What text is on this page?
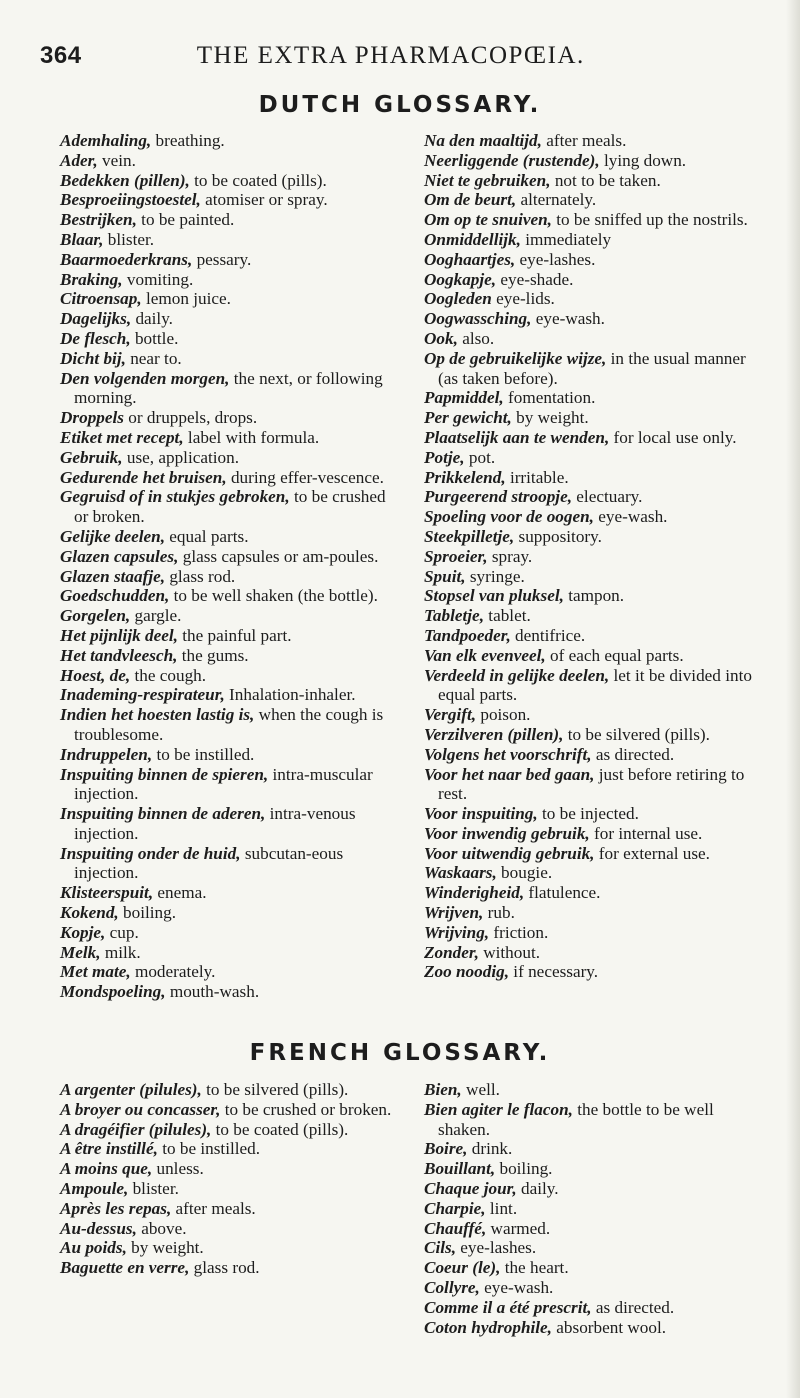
364	THE EXTRA PHARMACOPŒIA.
DUTCH GLOSSARY.
Ademhaling, breathing.
Ader, vein.
Bedekken (pillen), to be coated (pills).
Besproeiingstoestel, atomiser or spray.
Bestrijken, to be painted.
Blaar, blister.
Baarmoederkrans, pessary.
Braking, vomiting.
Citroensap, lemon juice.
Dagelijks, daily.
De flesch, bottle.
Dicht bij, near to.
Den volgenden morgen, the next, or following morning.
Droppels or druppels, drops.
Etiket met recept, label with formula.
Gebruik, use, application.
Gedurende het bruisen, during effer-vescence.
Gegruisd of in stukjes gebroken, to be crushed or broken.
Gelijke deelen, equal parts.
Glazen capsules, glass capsules or am-poules.
Glazen staafje, glass rod.
Goedschudden, to be well shaken (the bottle).
Gorgelen, gargle.
Het pijnlijk deel, the painful part.
Het tandvleesch, the gums.
Hoest, de, the cough.
Inademing-respirateur, Inhalation-inhaler.
Indien het hoesten lastig is, when the cough is troublesome.
Indruppelen, to be instilled.
Inspuiting binnen de spieren, intra-muscular injection.
Inspuiting binnen de aderen, intra-venous injection.
Inspuiting onder de huid, subcutan-eous injection.
Klisteerspuit, enema.
Kokend, boiling.
Kopje, cup.
Melk, milk.
Met mate, moderately.
Mondspoeling, mouth-wash.
Na den maaltijd, after meals.
Neerliggende (rustende), lying down.
Niet te gebruiken, not to be taken.
Om de beurt, alternately.
Om op te snuiven, to be sniffed up the nostrils.
Onmiddellijk, immediately
Ooghaartjes, eye-lashes.
Oogkapje, eye-shade.
Oogleden eye-lids.
Oogwassching, eye-wash.
Ook, also.
Op de gebruikelijke wijze, in the usual manner (as taken before).
Papmiddel, fomentation.
Per gewicht, by weight.
Plaatselijk aan te wenden, for local use only.
Potje, pot.
Prikkelend, irritable.
Purgeerend stroopje, electuary.
Spoeling voor de oogen, eye-wash.
Steekpilletje, suppository.
Sproeier, spray.
Spuit, syringe.
Stopsel van pluksel, tampon.
Tabletje, tablet.
Tandpoeder, dentifrice.
Van elk evenveel, of each equal parts.
Verdeeld in gelijke deelen, let it be divided into equal parts.
Vergift, poison.
Verzilveren (pillen), to be silvered (pills).
Volgens het voorschrift, as directed.
Voor het naar bed gaan, just before retiring to rest.
Voor inspuiting, to be injected.
Voor inwendig gebruik, for internal use.
Voor uitwendig gebruik, for external use.
Waskaars, bougie.
Winderigheid, flatulence.
Wrijven, rub.
Wrijving, friction.
Zonder, without.
Zoo noodig, if necessary.
FRENCH GLOSSARY.
A argenter (pilules), to be silvered (pills).
A broyer ou concasser, to be crushed or broken.
A dragéifier (pilules), to be coated (pills).
A être instillé, to be instilled.
A moins que, unless.
Ampoule, blister.
Après les repas, after meals.
Au-dessus, above.
Au poids, by weight.
Baguette en verre, glass rod.
Bien, well.
Bien agiter le flacon, the bottle to be well shaken.
Boire, drink.
Bouillant, boiling.
Chaque jour, daily.
Charpie, lint.
Chauffé, warmed.
Cils, eye-lashes.
Coeur (le), the heart.
Collyre, eye-wash.
Comme il a été prescrit, as directed.
Coton hydrophile, absorbent wool.
